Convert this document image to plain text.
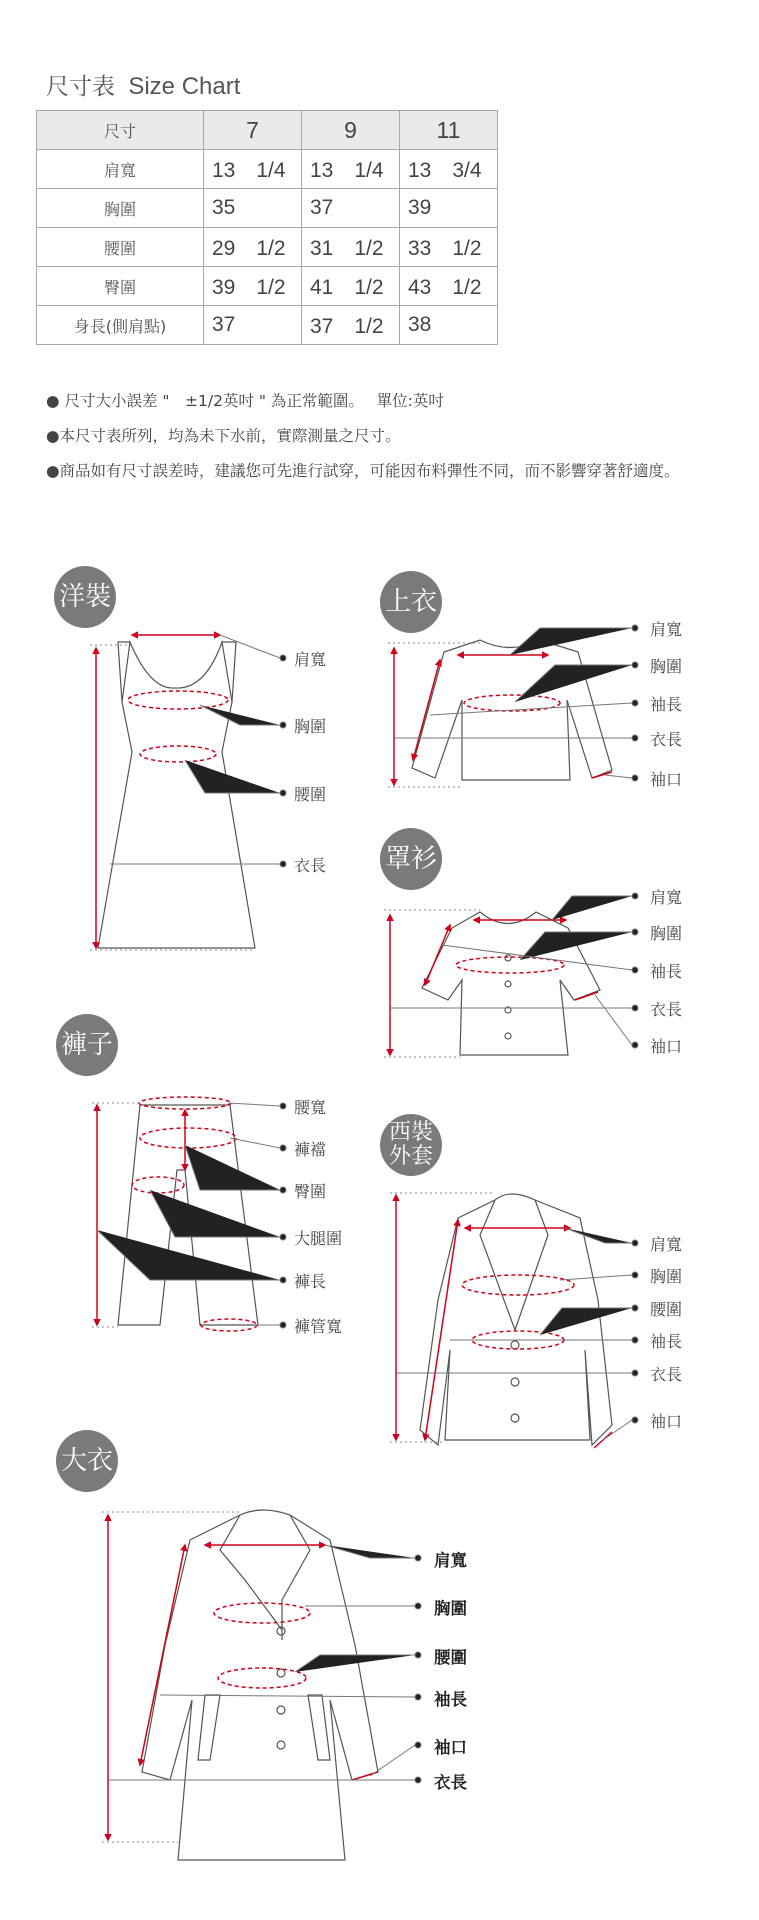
尺寸表 Size Chart
尺寸	7	9	11
肩寬	13　1/4	13　1/4	13　3/4
胸圍	35	37	39
腰圍	29　1/2	31　1/2	33　1/2
臀圍	39　1/2	41　1/2	43　1/2
身長(側肩點)	37	37　1/2	38
● 尺寸大小誤差 "　±1/2英吋 " 為正常範圍。　 單位:英吋
●本尺寸表所列，均為未下水前，實際測量之尺寸。
●商品如有尺寸誤差時，建議您可先進行試穿，可能因布料彈性不同，而不影響穿著舒適度。
洋裝	上衣
罩衫
褲子
西裝
外套
大衣
肩寬
胸圍
腰圍
衣長
肩寬
胸圍
袖長
衣長
袖口
肩寬
胸圍
袖長
衣長
袖口
腰寬
褲襠
臀圍
大腿圍
褲長
褲管寬
肩寬
胸圍
腰圍
袖長
衣長
袖口
肩寬
胸圍
腰圍
袖長
袖口
衣長
